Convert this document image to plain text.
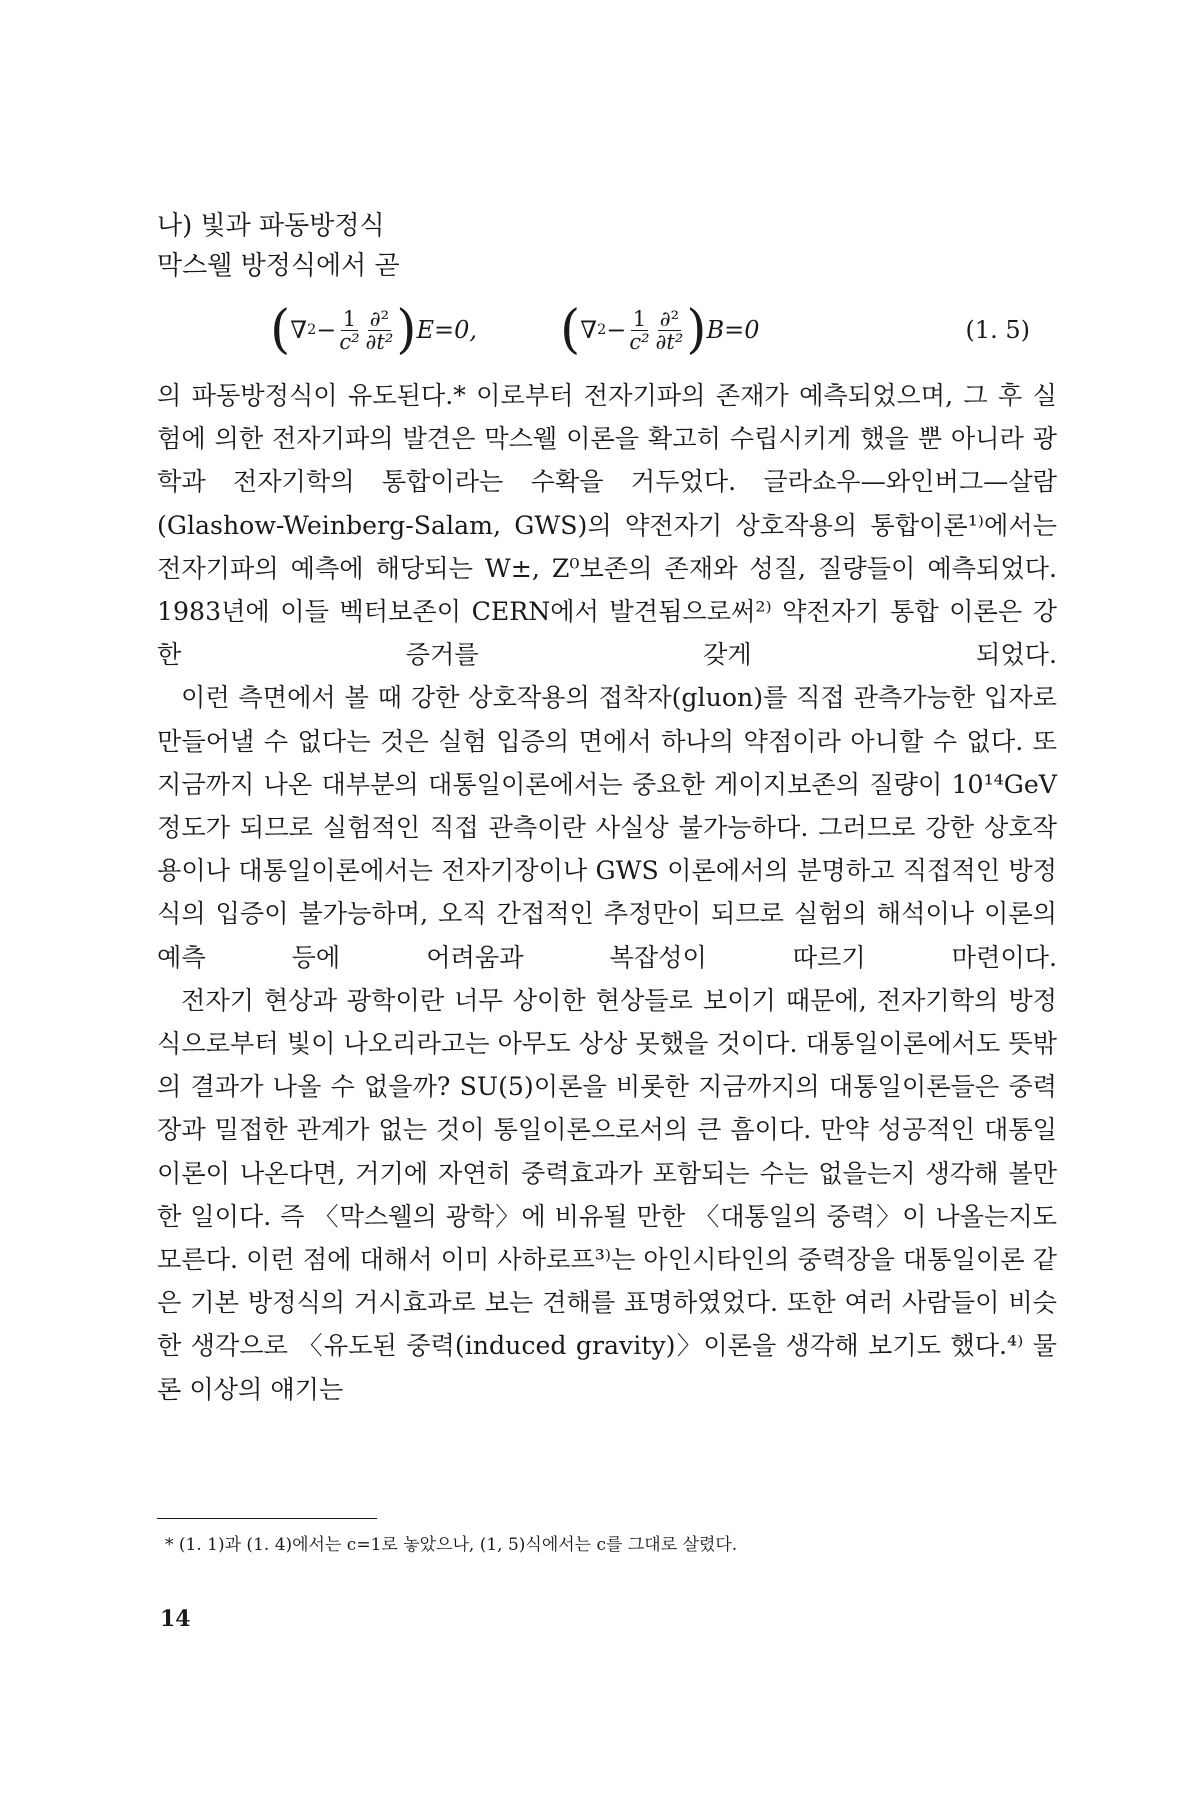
나) 빛과 파동방정식
막스웰 방정식에서 곧
( ∇ $2 - \frac{1}{\text{c²}} \frac{\text{∂²}}{\text{∂t²}}$ ) E=0, ( ∇ $2 - \frac{1}{\text{c²}} \frac{\text{∂²}}{\text{∂t²}}$ ) B=0	(1. 5)

의 파동방정식이 유도된다.* 이로부터 전자기파의 존재가 예측되었으며, 그 후 실험에 의한 전자기파의 발견은 막스웰 이론을 확고히 수립시키게 했을 뿐 아니라 광학과 전자기학의 통합이라는 수확을 거두었다. 글라쇼우—와인버그—살람(Glashow-Weinberg-Salam, GWS)의 약전자기 상호작용의 통합이론¹⁾에서는 전자기파의 예측에 해당되는 W±, Z⁰보존의 존재와 성질, 질량들이 예측되었다. 1983년에 이들 벡터보존이 CERN에서 발견됨으로써²⁾ 약전자기 통합 이론은 강한 증거를 갖게 되었다.

이런 측면에서 볼 때 강한 상호작용의 접착자(gluon)를 직접 관측가능한 입자로 만들어낼 수 없다는 것은 실험 입증의 면에서 하나의 약점이라 아니할 수 없다. 또 지금까지 나온 대부분의 대통일이론에서는 중요한 게이지보존의 질량이 10¹⁴GeV정도가 되므로 실험적인 직접 관측이란 사실상 불가능하다. 그러므로 강한 상호작용이나 대통일이론에서는 전자기장이나 GWS 이론에서의 분명하고 직접적인 방정식의 입증이 불가능하며, 오직 간접적인 추정만이 되므로 실험의 해석이나 이론의 예측 등에 어려움과 복잡성이 따르기 마련이다.

전자기 현상과 광학이란 너무 상이한 현상들로 보이기 때문에, 전자기학의 방정식으로부터 빛이 나오리라고는 아무도 상상 못했을 것이다. 대통일이론에서도 뜻밖의 결과가 나올 수 없을까? SU(5)이론을 비롯한 지금까지의 대통일이론들은 중력장과 밀접한 관계가 없는 것이 통일이론으로서의 큰 흠이다. 만약 성공적인 대통일이론이 나온다면, 거기에 자연히 중력효과가 포함되는 수는 없을는지 생각해 볼만한 일이다. 즉 〈막스웰의 광학〉에 비유될 만한 〈대통일의 중력〉이 나올는지도 모른다. 이런 점에 대해서 이미 사하로프³⁾는 아인시타인의 중력장을 대통일이론 같은 기본 방정식의 거시효과로 보는 견해를 표명하였었다. 또한 여러 사람들이 비슷한 생각으로 〈유도된 중력(induced gravity)〉이론을 생각해 보기도 했다.⁴⁾ 물론 이상의 얘기는

* (1. 1)과 (1. 4)에서는 c=1로 놓았으나, (1, 5)식에서는 c를 그대로 살렸다.
14
